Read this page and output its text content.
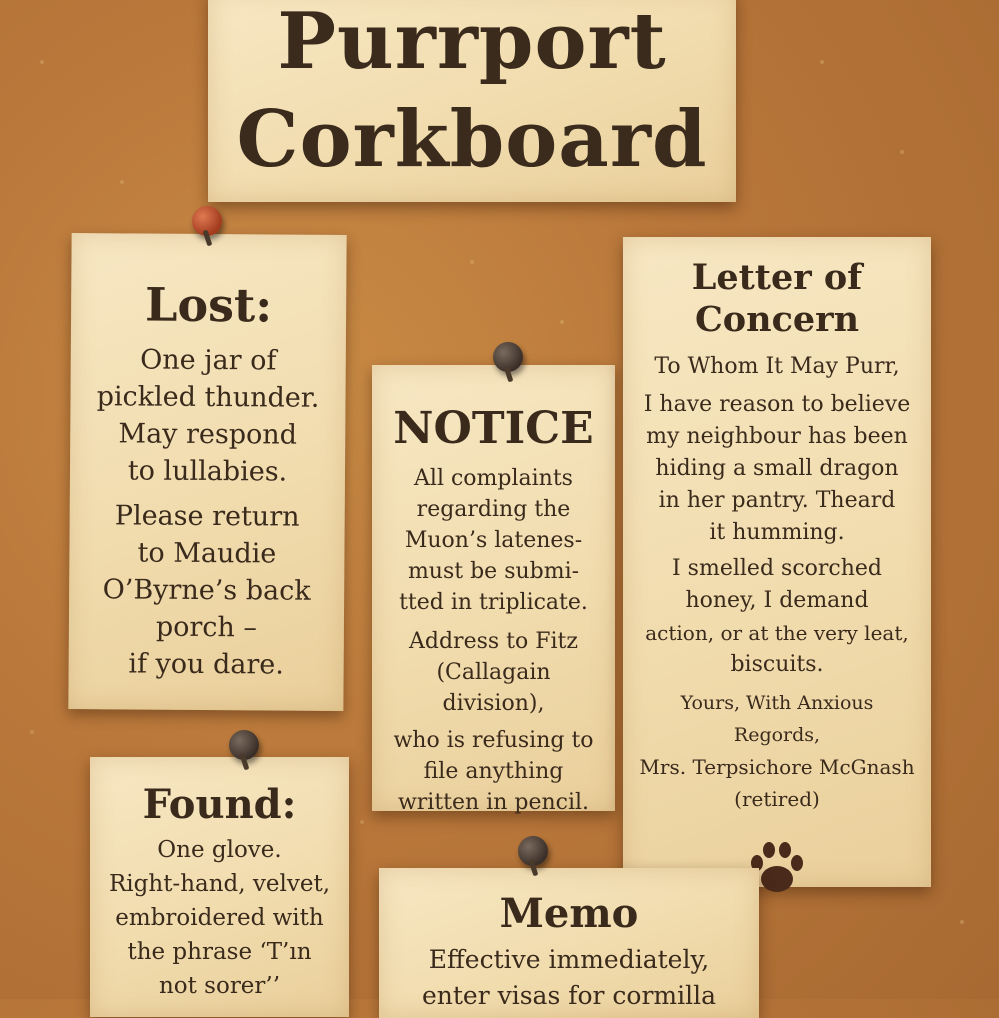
Purrport
Corkboard

Lost:

One jar of

pickled thunder.

May respond

to lullabies.

Please return

to Maudie

O’Byrne’s back

porch –

if you dare.

NOTICE

All complaints

regarding the

Muon’s latenes-

must be submi-

tted in triplicate.

Address to Fitz

(Callagain division),

who is refusing to

file anything

written in pencil.

Letter of

Concern

To Whom It May Purr,

I have reason to believe

my neighbour has been

hiding a small dragon

in her pantry. Theard

it humming.

I smelled scorched

honey, I demand

action, or at the very leat,

biscuits.

Yours, With Anxious Regords,

Mrs. Terpsichore McGnash

(retired)

Found:

One glove.

Right-hand, velvet,

embroidered with

the phrase ‘T’ın

not sorer’’

Memo

Effective immediately,

enter visas for cormilla
